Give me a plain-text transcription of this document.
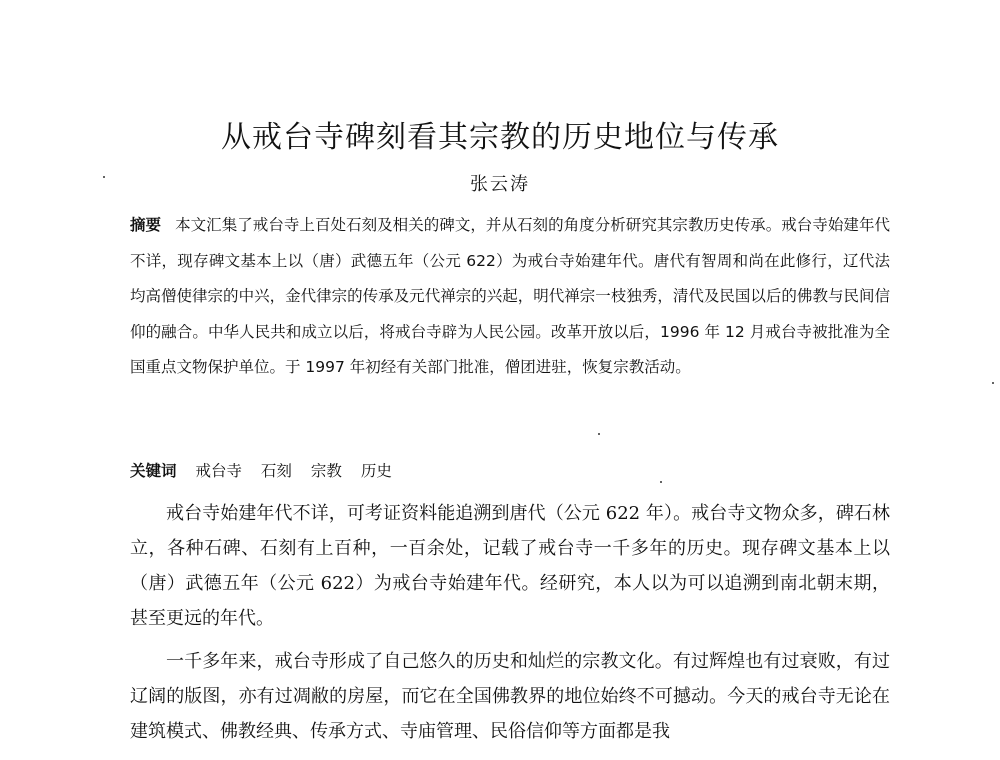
从戒台寺碑刻看其宗教的历史地位与传承
张云涛
摘要 本文汇集了戒台寺上百处石刻及相关的碑文，并从石刻的角度分析研究其宗教历史传承。戒台寺始建年代不详，现存碑文基本上以（唐）武德五年（公元 622）为戒台寺始建年代。唐代有智周和尚在此修行，辽代法均高僧使律宗的中兴，金代律宗的传承及元代禅宗的兴起，明代禅宗一枝独秀，清代及民国以后的佛教与民间信仰的融合。中华人民共和成立以后，将戒台寺辟为人民公园。改革开放以后，1996 年 12 月戒台寺被批准为全国重点文物保护单位。于 1997 年初经有关部门批准，僧团进驻，恢复宗教活动。
关键词 戒台寺 石刻 宗教 历史

戒台寺始建年代不详，可考证资料能追溯到唐代（公元 622 年）。戒台寺文物众多，碑石林立，各种石碑、石刻有上百种，一百余处，记载了戒台寺一千多年的历史。现存碑文基本上以（唐）武德五年（公元 622）为戒台寺始建年代。经研究，本人以为可以追溯到南北朝末期，甚至更远的年代。

一千多年来，戒台寺形成了自己悠久的历史和灿烂的宗教文化。有过辉煌也有过衰败，有过辽阔的版图，亦有过凋敝的房屋，而它在全国佛教界的地位始终不可撼动。今天的戒台寺无论在建筑模式、佛教经典、传承方式、寺庙管理、民俗信仰等方面都是我
